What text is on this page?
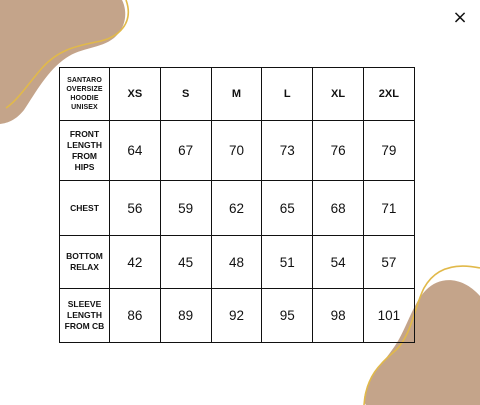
×
SANTARO
OVERSIZE
HOODIE
UNISEX	XS	S	M	L	XL	2XL

FRONT
LENGTH
FROM
HIPS	64	67	70	73	76	79

CHEST	56	59	62	65	68	71

BOTTOM
RELAX	42	45	48	51	54	57

SLEEVE
LENGTH
FROM CB	86	89	92	95	98	101
